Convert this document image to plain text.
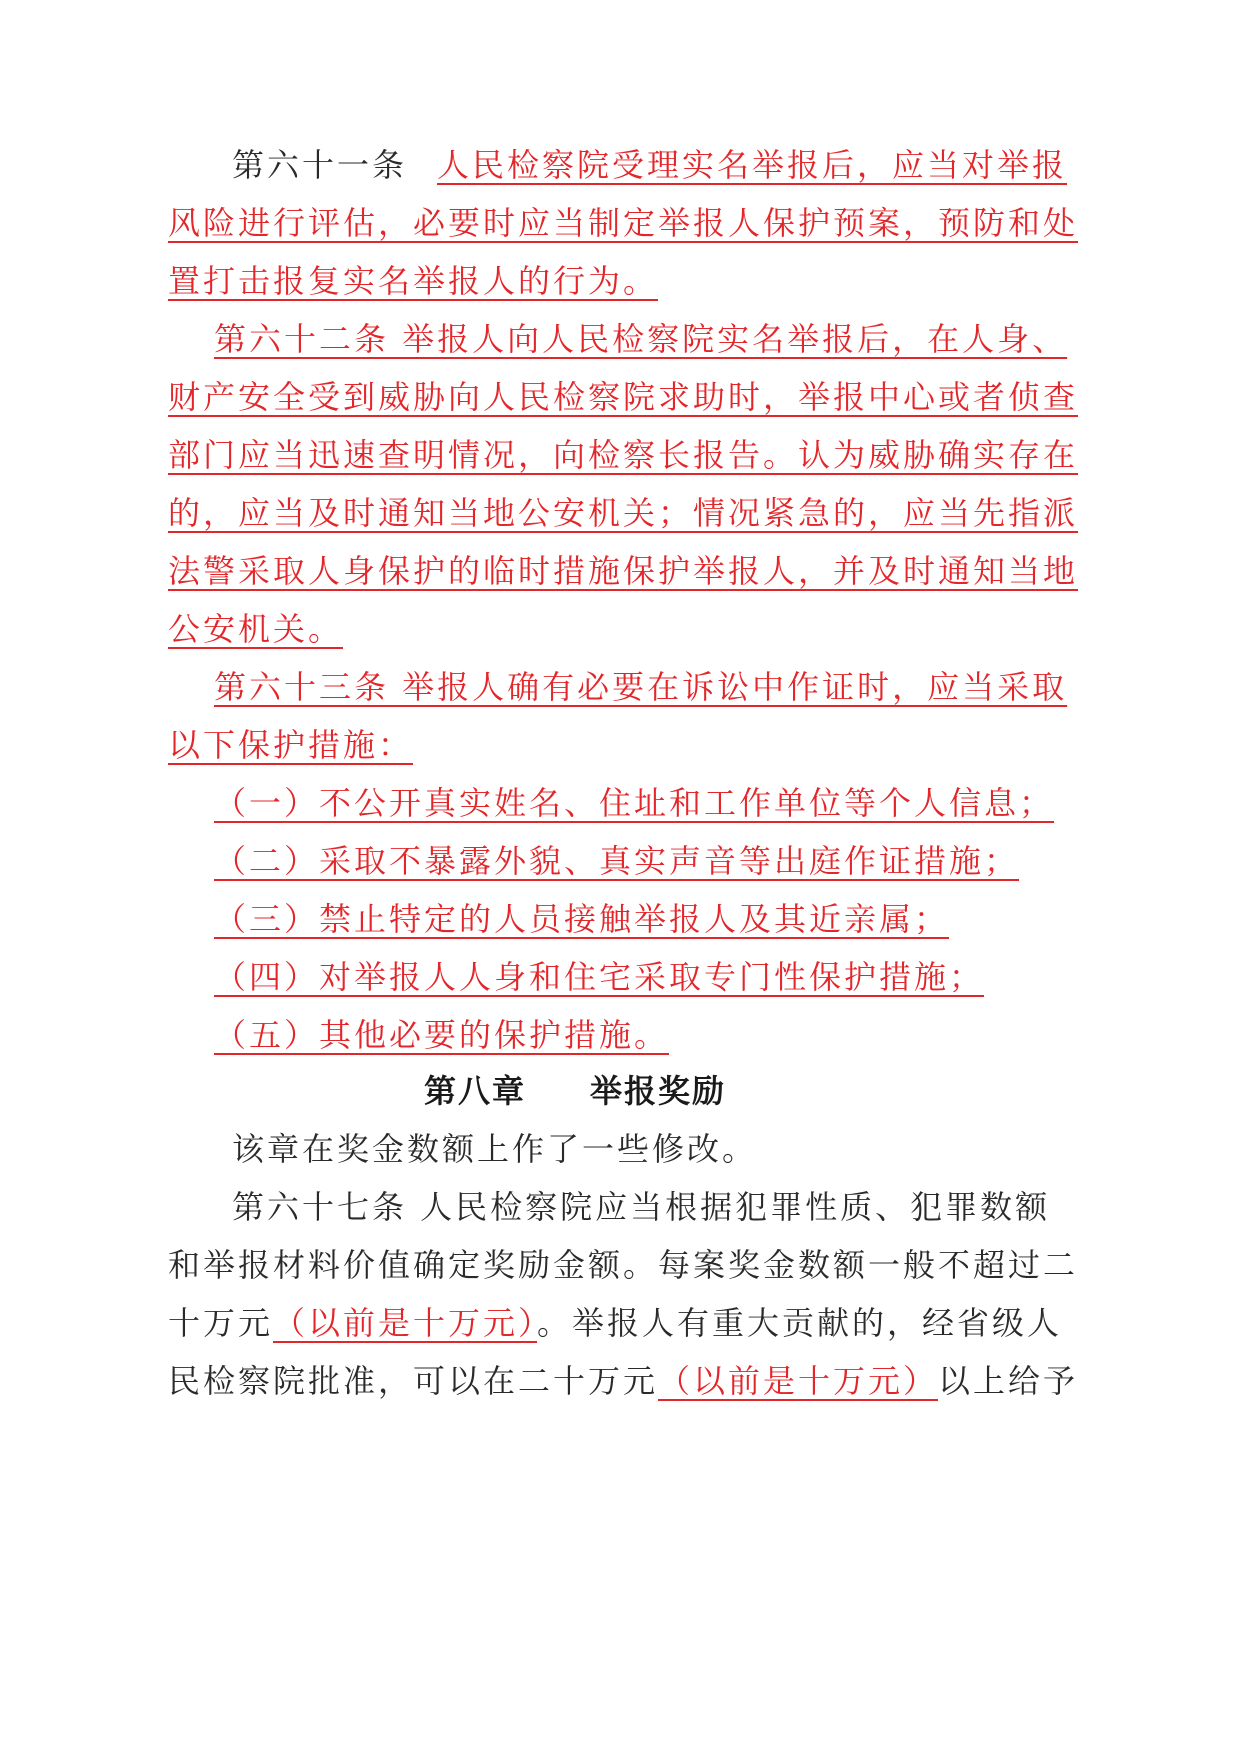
第六十一条 人民检察院受理实名举报后，应当对举报
风险进行评估，必要时应当制定举报人保护预案，预防和处
置打击报复实名举报人的行为。
第六十二条 举报人向人民检察院实名举报后，在人身、
财产安全受到威胁向人民检察院求助时，举报中心或者侦查
部门应当迅速查明情况，向检察长报告。认为威胁确实存在
的，应当及时通知当地公安机关；情况紧急的，应当先指派
法警采取人身保护的临时措施保护举报人，并及时通知当地
公安机关。
第六十三条 举报人确有必要在诉讼中作证时，应当采取
以下保护措施：
（一）不公开真实姓名、住址和工作单位等个人信息；
（二）采取不暴露外貌、真实声音等出庭作证措施；
（三）禁止特定的人员接触举报人及其近亲属；
（四）对举报人人身和住宅采取专门性保护措施；
（五）其他必要的保护措施。
第八章 举报奖励
该章在奖金数额上作了一些修改。
第六十七条 人民检察院应当根据犯罪性质、犯罪数额
和举报材料价值确定奖励金额。每案奖金数额一般不超过二
十万元（以前是十万元）。举报人有重大贡献的，经省级人
民检察院批准，可以在二十万元（以前是十万元）以上给予
